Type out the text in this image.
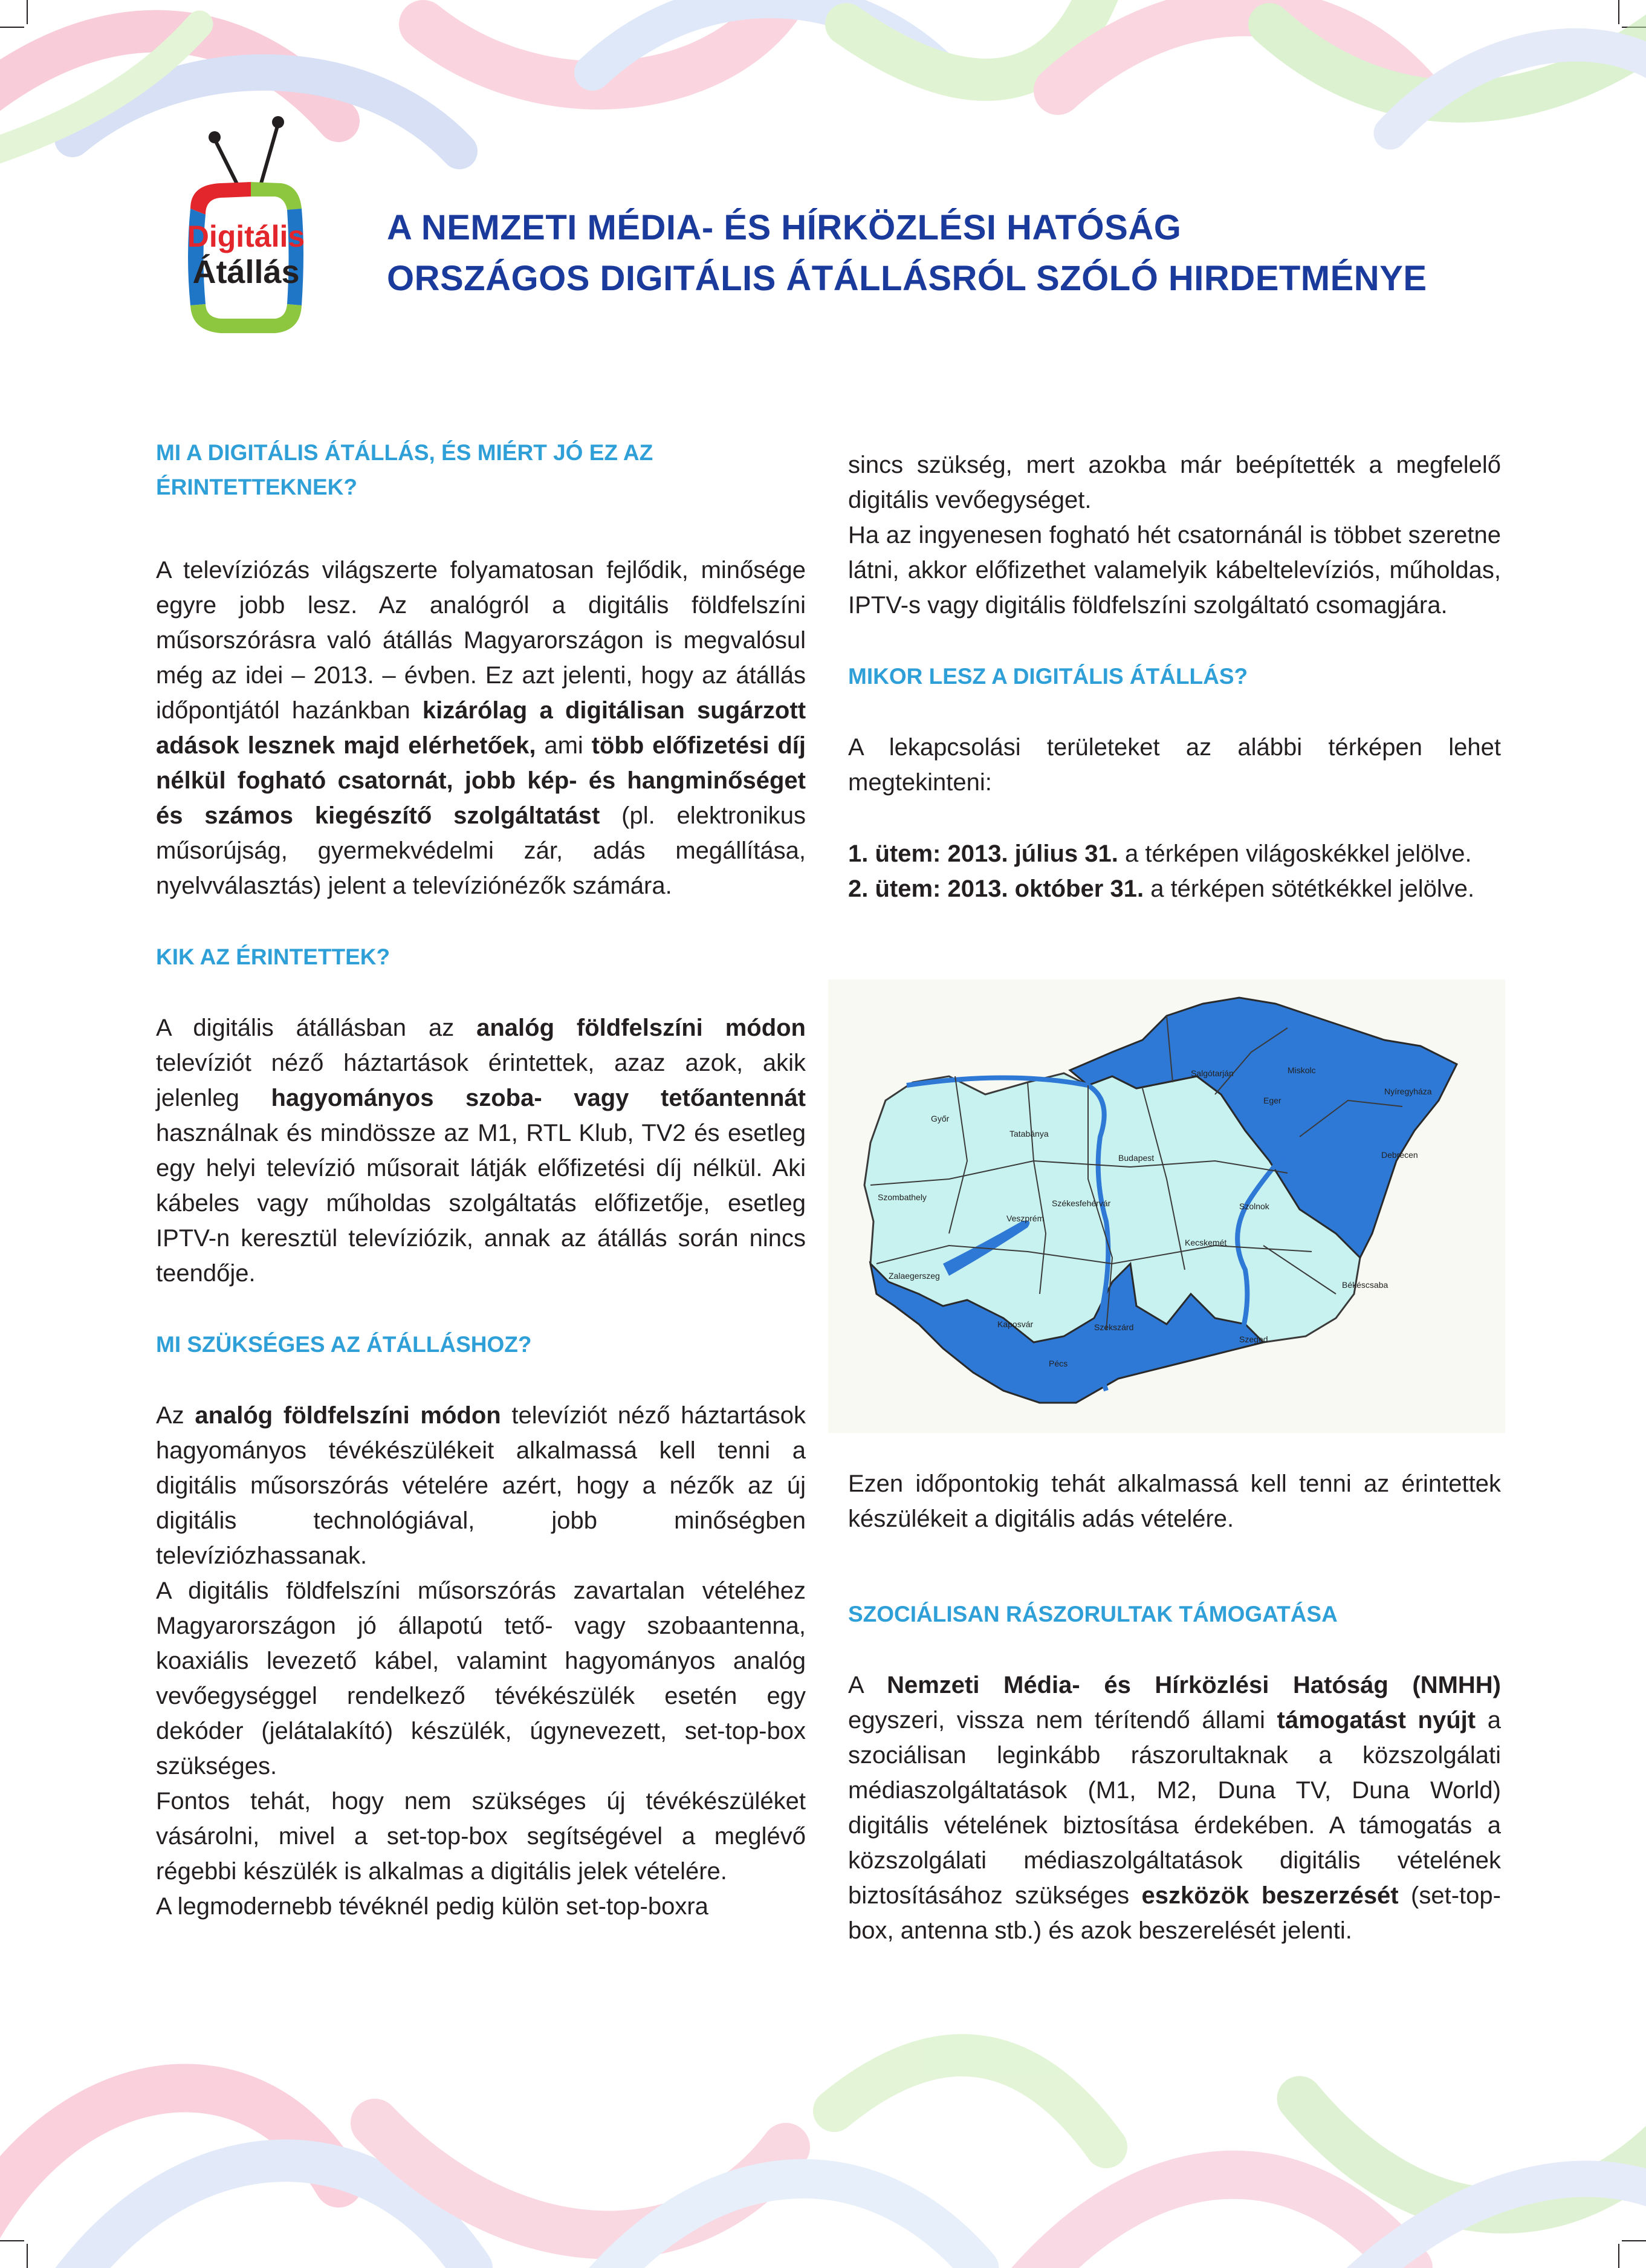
Digitális
Átállás
A NEMZETI MÉDIA- ÉS HÍRKÖZLÉSI HATÓSÁG
ORSZÁGOS DIGITÁLIS ÁTÁLLÁSRÓL SZÓLÓ HIRDETMÉNYE

MI A DIGITÁLIS ÁTÁLLÁS, ÉS MIÉRT JÓ EZ AZ ÉRINTETTEKNEK?

A televíziózás világszerte folyamatosan fejlődik, minősége egyre jobb lesz. Az analógról a digitális földfelszíni műsorszórásra való átállás Magyarországon is megvalósul még az idei – 2013. – évben. Ez azt jelenti, hogy az átállás időpontjától hazánkban kizárólag a digitálisan sugárzott adások lesznek majd elérhetőek, ami több előfizetési díj nélkül fogható csatornát, jobb kép- és hangminőséget és számos kiegészítő szolgáltatást (pl. elektronikus műsorújság, gyermekvédelmi zár, adás megállítása, nyelvválasztás) jelent a televíziónézők számára.

KIK AZ ÉRINTETTEK?

A digitális átállásban az analóg földfelszíni módon televíziót néző háztartások érintettek, azaz azok, akik jelenleg hagyományos szoba- vagy tetőantennát használnak és mindössze az M1, RTL Klub, TV2 és esetleg egy helyi televízió műsorait látják előfizetési díj nélkül. Aki kábeles vagy műholdas szolgáltatás előfizetője, esetleg IPTV-n keresztül televíziózik, annak az átállás során nincs teendője.

MI SZÜKSÉGES AZ ÁTÁLLÁSHOZ?

Az analóg földfelszíni módon televíziót néző háztartások hagyományos tévékészülékeit alkalmassá kell tenni a digitális műsorszórás vételére azért, hogy a nézők az új digitális technológiával, jobb minőségben televíziózhassanak.

A digitális földfelszíni műsorszórás zavartalan vételéhez Magyarországon jó állapotú tető- vagy szobaantenna, koaxiális levezető kábel, valamint hagyományos analóg vevőegységgel rendelkező tévékészülék esetén egy dekóder (jelátalakító) készülék, úgynevezett, set-top-box szükséges.

Fontos tehát, hogy nem szükséges új tévékészüléket vásárolni, mivel a set-top-box segítségével a meglévő régebbi készülék is alkalmas a digitális jelek vételére.

A legmodernebb tévéknél pedig külön set-top-boxra

sincs szükség, mert azokba már beépítették a megfelelő digitális vevőegységet.

Ha az ingyenesen fogható hét csatornánál is többet szeretne látni, akkor előfizethet valamelyik kábeltelevíziós, műholdas, IPTV-s vagy digitális földfelszíni szolgáltató csomagjára.

MIKOR LESZ A DIGITÁLIS ÁTÁLLÁS?

A lekapcsolási területeket az alábbi térképen lehet megtekinteni:

1. ütem: 2013. július 31. a térképen világoskékkel jelölve.

2. ütem: 2013. október 31. a térképen sötétkékkel jelölve.

Győr
Tatabánya
Budapest
Salgótarján	Miskolc
Eger
Nyíregyháza
Debrecen
Szombathely
Székesfehérvár
Veszprém
Szolnok
Kecskemét
Zalaegerszeg
Békéscsaba
Kaposvár	Szekszárd
Szeged
Pécs

Ezen időpontokig tehát alkalmassá kell tenni az érintettek készülékeit a digitális adás vételére.

SZOCIÁLISAN RÁSZORULTAK TÁMOGATÁSA

A Nemzeti Média- és Hírközlési Hatóság (NMHH) egyszeri, vissza nem térítendő állami támogatást nyújt a szociálisan leginkább rászorultaknak a közszolgálati médiaszolgáltatások (M1, M2, Duna TV, Duna World) digitális vételének biztosítása érdekében. A támogatás a közszolgálati médiaszolgáltatások digitális vételének biztosításához szükséges eszközök beszerzését (set-top-box, antenna stb.) és azok beszerelését jelenti.
